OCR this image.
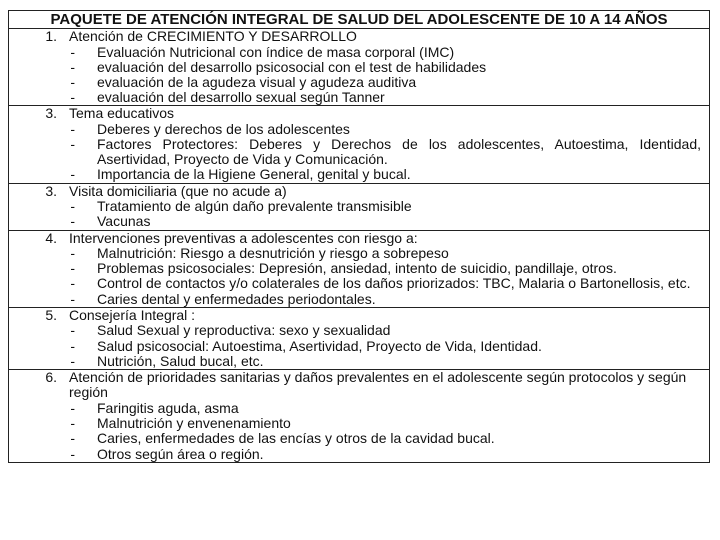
PAQUETE DE ATENCIÓN INTEGRAL DE SALUD DEL ADOLESCENTE DE 10 A 14 AÑOS
1. Atención de CRECIMIENTO Y DESARROLLO
-	Evaluación Nutricional con índice de masa corporal (IMC)
-	evaluación del desarrollo psicosocial con el test de habilidades
-	evaluación de la agudeza visual y agudeza auditiva
-	evaluación del desarrollo sexual según Tanner
3. Tema educativos
-	Deberes y derechos de los adolescentes
-	Factores Protectores: Deberes y Derechos de los adolescentes, Autoestima, Identidad, Asertividad, Proyecto de Vida y Comunicación.
-	Importancia de la Higiene General, genital y bucal.
3. Visita domiciliaria (que no acude a)
-	Tratamiento de algún daño prevalente transmisible
-	Vacunas
4. Intervenciones preventivas a adolescentes con riesgo a:
-	Malnutrición: Riesgo a desnutrición y riesgo a sobrepeso
-	Problemas psicosociales: Depresión, ansiedad, intento de suicidio, pandillaje, otros.
-	Control de contactos y/o colaterales de los daños priorizados: TBC, Malaria o Bartonellosis, etc.
-	Caries dental y enfermedades periodontales.
5. Consejería Integral :
-	Salud Sexual y reproductiva: sexo y sexualidad
-	Salud psicosocial: Autoestima, Asertividad, Proyecto de Vida, Identidad.
-	Nutrición, Salud bucal, etc.
6. Atención de prioridades sanitarias y daños prevalentes en el adolescente según protocolos y según región
-	Faringitis aguda, asma
-	Malnutrición y envenenamiento
-	Caries, enfermedades de las encías y otros de la cavidad bucal.
-	Otros según área o región.
